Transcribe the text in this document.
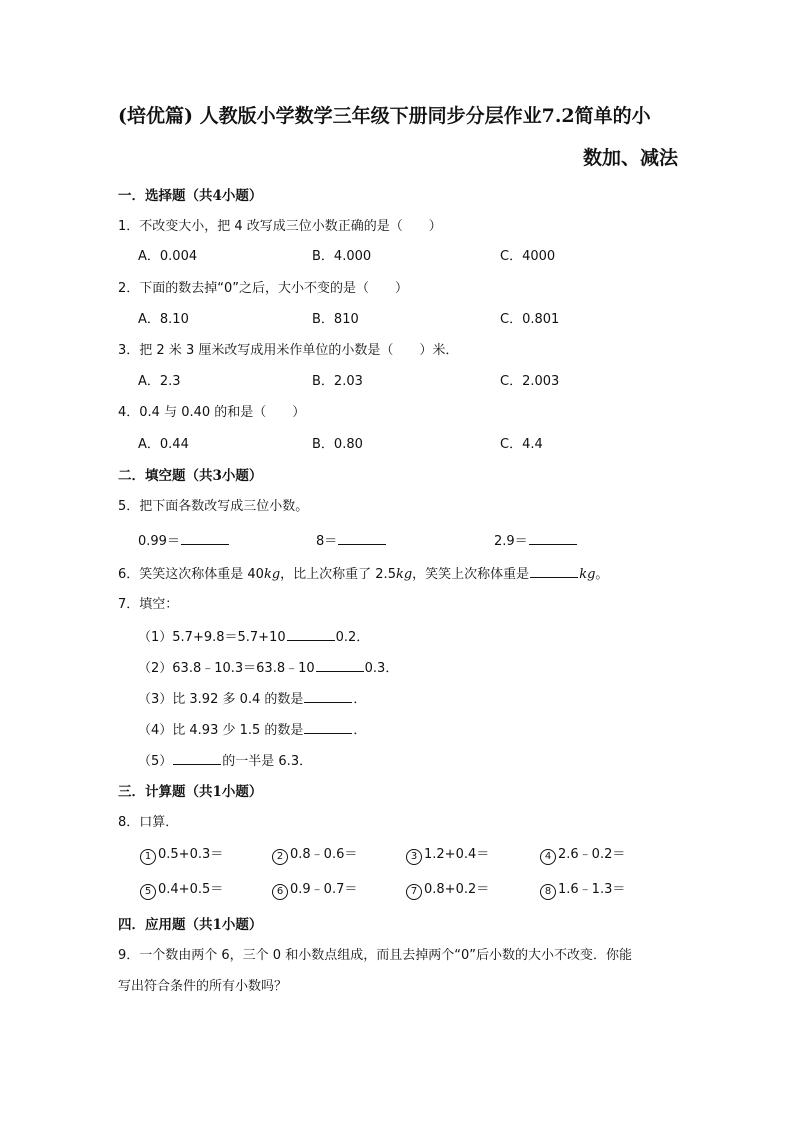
(培优篇) 人教版小学数学三年级下册同步分层作业7.2简单的小
数加、减法
一．选择题（共4小题）
1．不改变大小，把 4 改写成三位小数正确的是（　　）
A．0.004	B．4.000	C．4000
2．下面的数去掉“0”之后，大小不变的是（　　）
A．8.10	B．810	C．0.801
3．把 2 米 3 厘米改写成用米作单位的小数是（　　）米．
A．2.3	B．2.03	C．2.003
4．0.4 与 0.40 的和是（　　）
A．0.44	B．0.80	C．4.4
二．填空题（共3小题）
5．把下面各数改写成三位小数。
0.99＝	8＝	2.9＝
6．笑笑这次称体重是 40kg，比上次称重了 2.5kg，笑笑上次称体重是	kg。
7．填空：
（1）5.7+9.8＝5.7+10	0.2．
（2）63.8﹣10.3＝63.8﹣10	0.3．
（3）比 3.92 多 0.4 的数是	．
（4）比 4.93 少 1.5 的数是	．
（5）	的一半是 6.3．
三．计算题（共1小题）
8．口算．
1 0.5+0.3＝	2 0.8﹣0.6＝	3 1.2+0.4＝	4 2.6﹣0.2＝
5 0.4+0.5＝	6 0.9﹣0.7＝	7 0.8+0.2＝	8 1.6﹣1.3＝
四．应用题（共1小题）
9．一个数由两个 6，三个 0 和小数点组成，而且去掉两个“0”后小数的大小不改变．你能
写出符合条件的所有小数吗？
